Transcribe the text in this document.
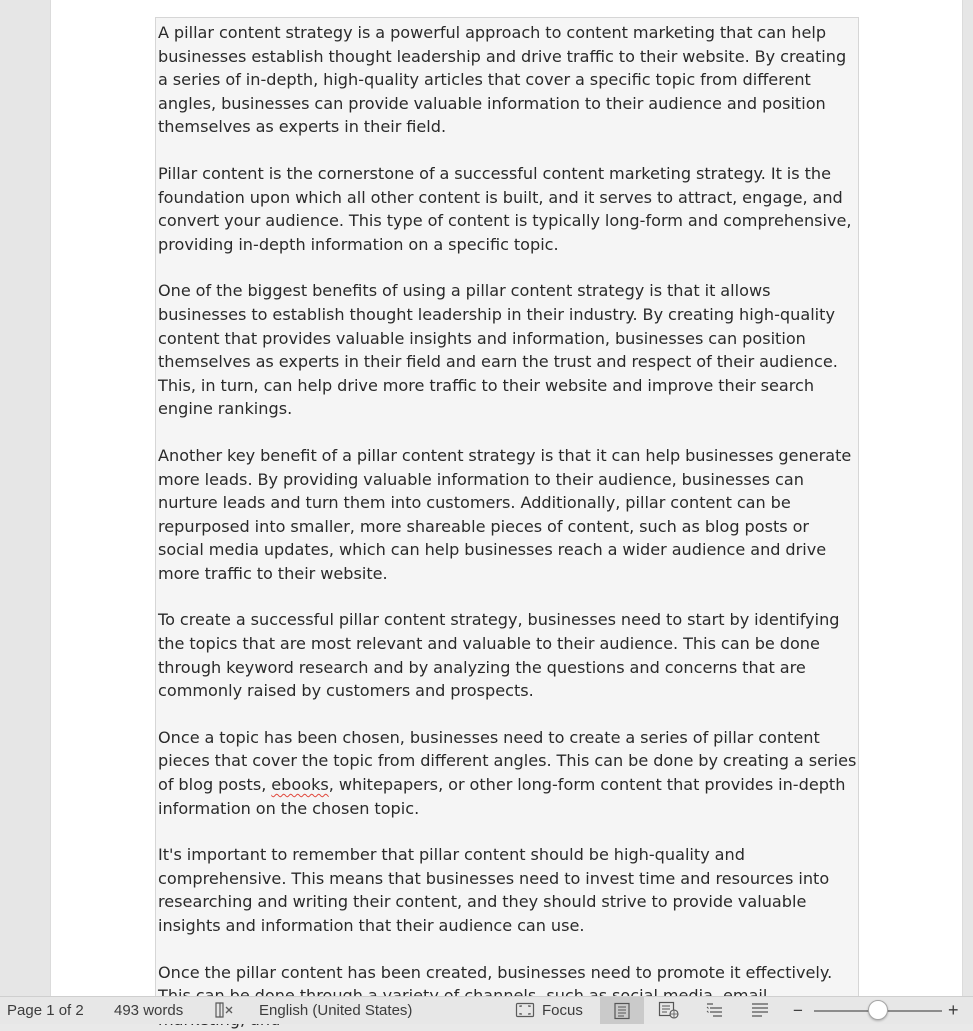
A pillar content strategy is a powerful approach to content marketing that can help businesses establish thought leadership and drive traffic to their website. By creating a series of in-depth, high-quality articles that cover a specific topic from different angles, businesses can provide valuable information to their audience and position themselves as experts in their field.

Pillar content is the cornerstone of a successful content marketing strategy. It is the foundation upon which all other content is built, and it serves to attract, engage, and convert your audience. This type of content is typically long-form and comprehensive, providing in-depth information on a specific topic.

One of the biggest benefits of using a pillar content strategy is that it allows businesses to establish thought leadership in their industry. By creating high-quality content that provides valuable insights and information, businesses can position themselves as experts in their field and earn the trust and respect of their audience. This, in turn, can help drive more traffic to their website and improve their search engine rankings.

Another key benefit of a pillar content strategy is that it can help businesses generate more leads. By providing valuable information to their audience, businesses can nurture leads and turn them into customers. Additionally, pillar content can be repurposed into smaller, more shareable pieces of content, such as blog posts or social media updates, which can help businesses reach a wider audience and drive more traffic to their website.

To create a successful pillar content strategy, businesses need to start by identifying the topics that are most relevant and valuable to their audience. This can be done through keyword research and by analyzing the questions and concerns that are commonly raised by customers and prospects.

Once a topic has been chosen, businesses need to create a series of pillar content pieces that cover the topic from different angles. This can be done by creating a series of blog posts, ebooks, whitepapers, or other long-form content that provides in-depth information on the chosen topic.

It's important to remember that pillar content should be high-quality and comprehensive. This means that businesses need to invest time and resources into researching and writing their content, and they should strive to provide valuable insights and information that their audience can use.

Once the pillar content has been created, businesses need to promote it effectively.

Page 1 of 2 493 words	English (United States)	Focus	−	+
